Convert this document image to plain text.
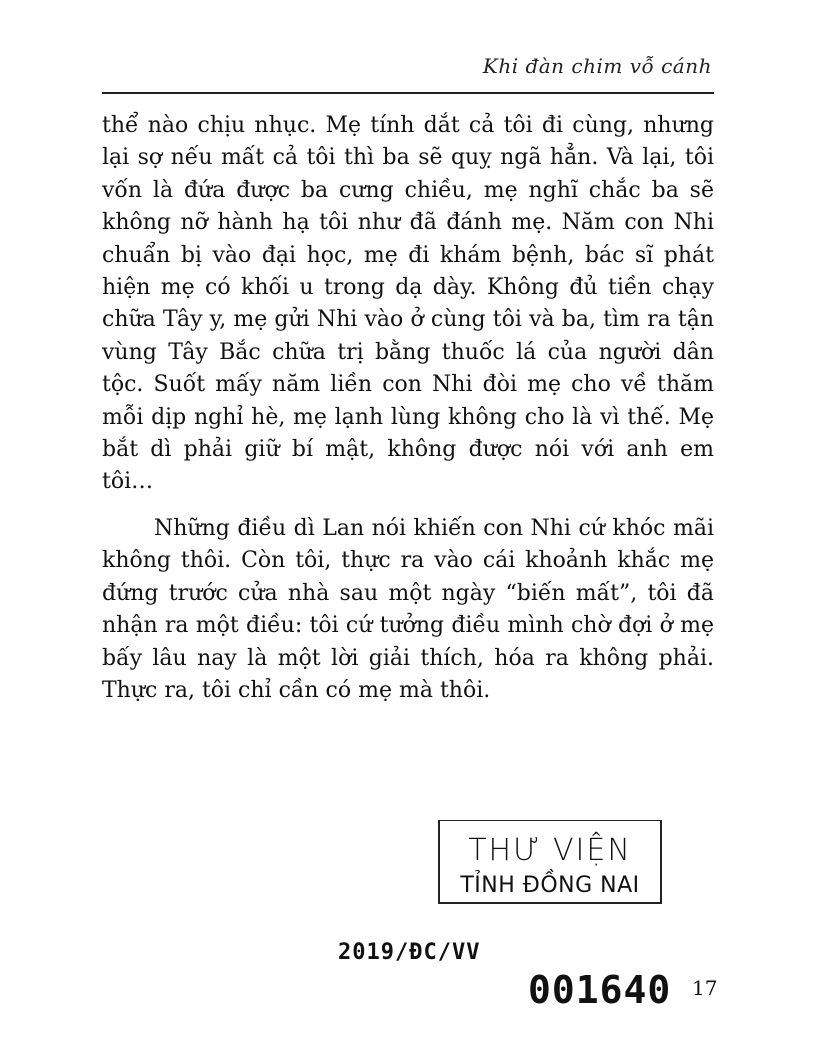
Khi đàn chim vỗ cánh

thể nào chịu nhục. Mẹ tính dắt cả tôi đi cùng, nhưng lại sợ nếu mất cả tôi thì ba sẽ quỵ ngã hẳn. Và lại, tôi vốn là đứa được ba cưng chiều, mẹ nghĩ chắc ba sẽ không nỡ hành hạ tôi như đã đánh mẹ. Năm con Nhi chuẩn bị vào đại học, mẹ đi khám bệnh, bác sĩ phát hiện mẹ có khối u trong dạ dày. Không đủ tiền chạy chữa Tây y, mẹ gửi Nhi vào ở cùng tôi và ba, tìm ra tận vùng Tây Bắc chữa trị bằng thuốc lá của người dân tộc. Suốt mấy năm liền con Nhi đòi mẹ cho về thăm mỗi dịp nghỉ hè, mẹ lạnh lùng không cho là vì thế. Mẹ bắt dì phải giữ bí mật, không được nói với anh em tôi…

Những điều dì Lan nói khiến con Nhi cứ khóc mãi không thôi. Còn tôi, thực ra vào cái khoảnh khắc mẹ đứng trước cửa nhà sau một ngày “biến mất”, tôi đã nhận ra một điều: tôi cứ tưởng điều mình chờ đợi ở mẹ bấy lâu nay là một lời giải thích, hóa ra không phải. Thực ra, tôi chỉ cần có mẹ mà thôi.

THƯ VIỆN
TỈNH ĐỒNG NAI
2019/ĐC/VV
001640 17
